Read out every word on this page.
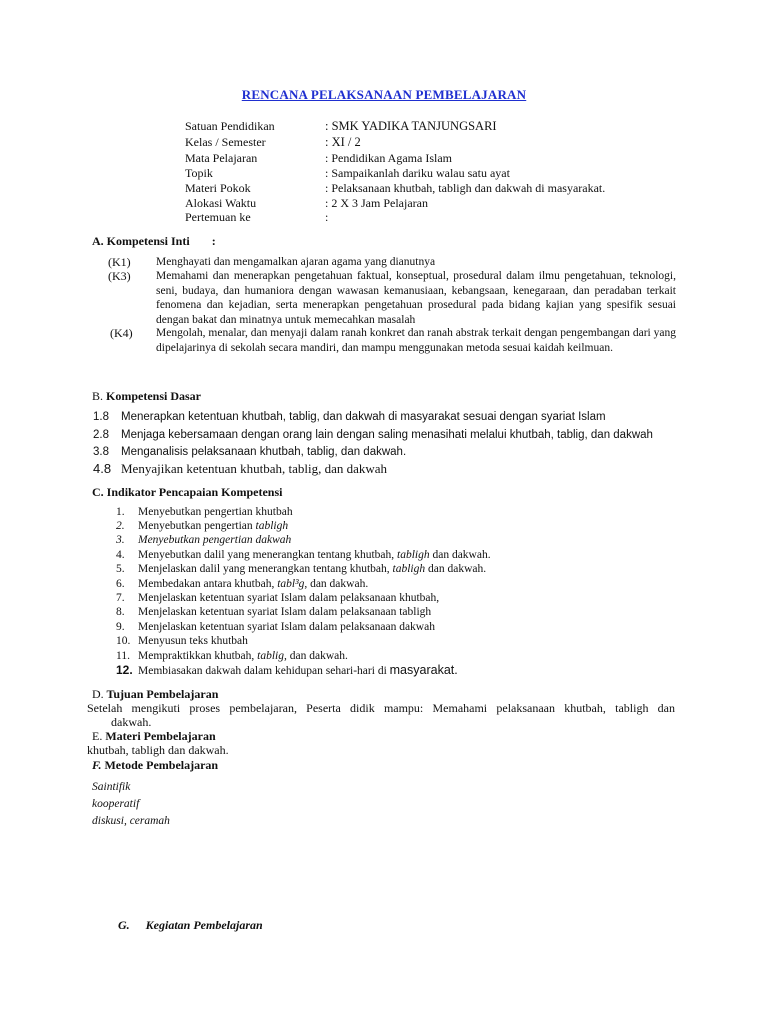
RENCANA PELAKSANAAN PEMBELAJARAN
Satuan Pendidikan	: SMK YADIKA TANJUNGSARI
Kelas / Semester	: XI / 2
Mata Pelajaran	: Pendidikan Agama Islam
Topik	: Sampaikanlah dariku walau satu ayat
Materi Pokok	: Pelaksanaan khutbah, tabligh dan dakwah di masyarakat.
Alokasi Waktu	: 2 X 3 Jam Pelajaran
Pertemuan ke	:
A. Kompetensi Inti :
(K1)	Menghayati dan mengamalkan ajaran agama yang dianutnya
(K3)	Memahami dan menerapkan pengetahuan faktual, konseptual, prosedural dalam ilmu pengetahuan, teknologi, seni, budaya, dan humaniora dengan wawasan kemanusiaan, kebangsaan, kenegaraan, dan peradaban terkait fenomena dan kejadian, serta menerapkan pengetahuan prosedural pada bidang kajian yang spesifik sesuai dengan bakat dan minatnya untuk memecahkan masalah
(K4)	Mengolah, menalar, dan menyaji dalam ranah konkret dan ranah abstrak terkait dengan pengembangan dari yang dipelajarinya di sekolah secara mandiri, dan mampu menggunakan metoda sesuai kaidah keilmuan.
B. Kompetensi Dasar
1.8 Menerapkan ketentuan khutbah, tablig, dan dakwah di masyarakat sesuai dengan syariat Islam
2.8 Menjaga kebersamaan dengan orang lain dengan saling menasihati melalui khutbah, tablig, dan dakwah
3.8 Menganalisis pelaksanaan khutbah, tablig, dan dakwah.
4.8 Menyajikan ketentuan khutbah, tablig, dan dakwah
C. Indikator Pencapaian Kompetensi
1. Menyebutkan pengertian khutbah
2. Menyebutkan pengertian tabligh
3. Menyebutkan pengertian dakwah
4. Menyebutkan dalil yang menerangkan tentang khutbah, tabligh dan dakwah.
5. Menjelaskan dalil yang menerangkan tentang khutbah, tabligh dan dakwah.
6. Membedakan antara khutbah, tabl³g, dan dakwah.
7. Menjelaskan ketentuan syariat Islam dalam pelaksanaan khutbah,
8. Menjelaskan ketentuan syariat Islam dalam pelaksanaan tabligh
9. Menjelaskan ketentuan syariat Islam dalam pelaksanaan dakwah
10. Menyusun teks khutbah
11. Mempraktikkan khutbah, tablig, dan dakwah.
12. Membiasakan dakwah dalam kehidupan sehari-hari di masyarakat.
D. Tujuan Pembelajaran
Setelah mengikuti proses pembelajaran, Peserta didik mampu: Memahami pelaksanaan khutbah, tabligh dan
dakwah.
E. Materi Pembelajaran
khutbah, tabligh dan dakwah.
F. Metode Pembelajaran
Saintifik
kooperatif
diskusi, ceramah
G. Kegiatan Pembelajaran
